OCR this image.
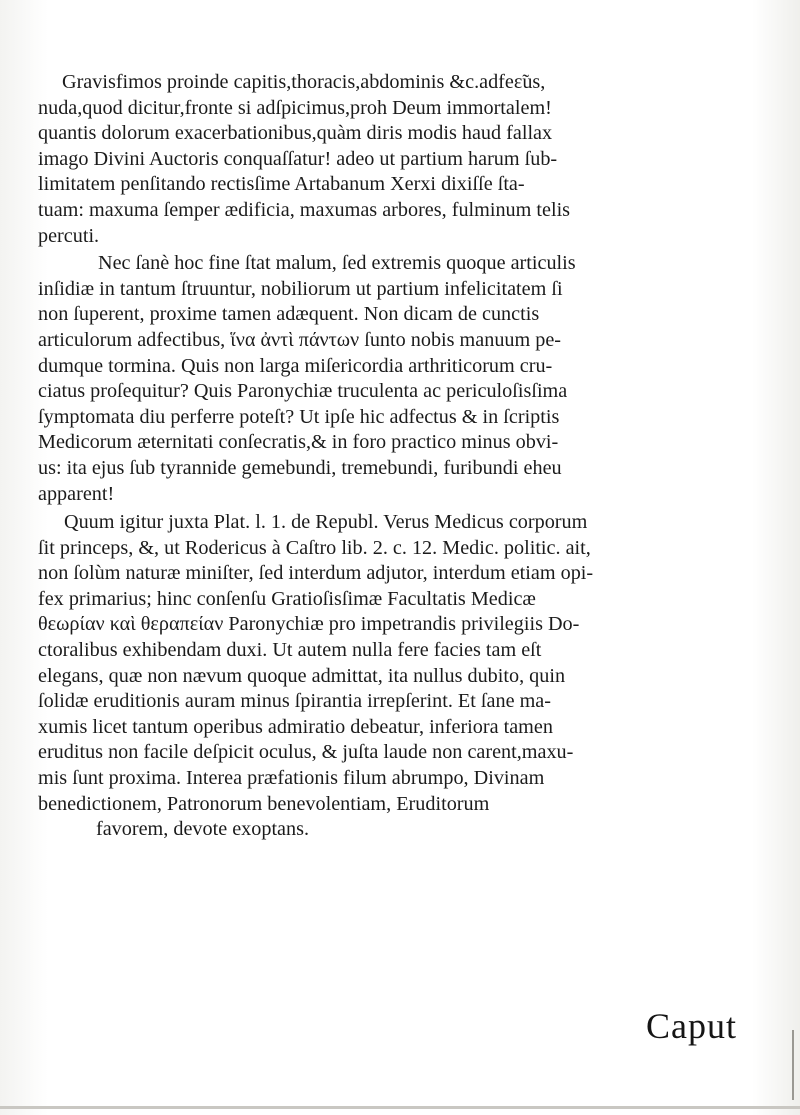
Gravisfimos proinde capitis,thoracis,abdominis &c.adfeɛ̃us,
nuda,quod dicitur,fronte si adſpicimus,proh Deum immortalem!
quantis dolorum exacerbationibus,quàm diris modis haud fallax
imago Divini Auctoris conquaſſatur! adeo ut partium harum ſub-
limitatem penſitando rectisſime Artabanum Xerxi dixiſſe ſta-
tuam: maxuma ſemper ædificia, maxumas arbores, fulminum telis
percuti.

Nec ſanè hoc fine ſtat malum, ſed extremis quoque articulis
inſidiæ in tantum ſtruuntur, nobiliorum ut partium infelicitatem ſi
non ſuperent, proxime tamen adæquent. Non dicam de cunctis
articulorum adfectibus, ἵνα ἀντὶ πάντων ſunto nobis manuum pe-
dumque tormina. Quis non larga miſericordia arthriticorum cru-
ciatus proſequitur? Quis Paronychiæ truculenta ac periculoſisſima
ſymptomata diu perferre poteſt? Ut ipſe hic adfectus & in ſcriptis
Medicorum æternitati conſecratis,& in foro practico minus obvi-
us: ita ejus ſub tyrannide gemebundi, tremebundi, furibundi eheu
apparent!

Quum igitur juxta Plat. l. 1. de Republ. Verus Medicus corporum
ſit princeps, &, ut Rodericus à Caſtro lib. 2. c. 12. Medic. politic. ait,
non ſolùm naturæ miniſter, ſed interdum adjutor, interdum etiam opi-
fex primarius; hinc conſenſu Gratioſisſimæ Facultatis Medicæ
θεωρίαν καὶ θεραπείαν Paronychiæ pro impetrandis privilegiis Do-
ctoralibus exhibendam duxi. Ut autem nulla fere facies tam eſt
elegans, quæ non nævum quoque admittat, ita nullus dubito, quin
ſolidæ eruditionis auram minus ſpirantia irrepſerint. Et ſane ma-
xumis licet tantum operibus admiratio debeatur, inferiora tamen
eruditus non facile deſpicit oculus, & juſta laude non carent,maxu-
mis ſunt proxima. Interea præfationis filum abrumpo, Divinam
benedictionem, Patronorum benevolentiam, Eruditorum
favorem, devote exoptans.

Caput
